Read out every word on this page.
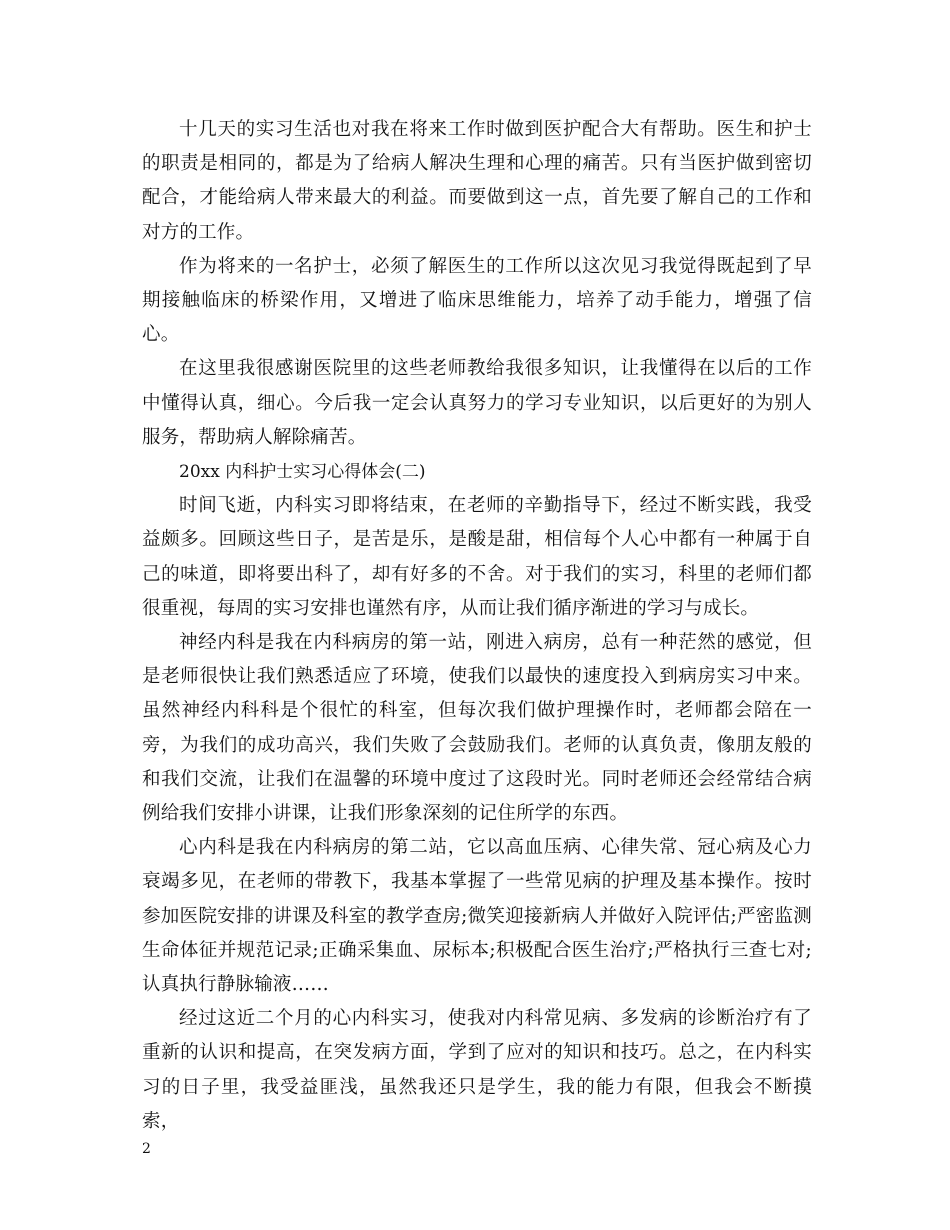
十几天的实习生活也对我在将来工作时做到医护配合大有帮助。医生和护士的职责是相同的，都是为了给病人解决生理和心理的痛苦。只有当医护做到密切配合，才能给病人带来最大的利益。而要做到这一点，首先要了解自己的工作和对方的工作。

作为将来的一名护士，必须了解医生的工作所以这次见习我觉得既起到了早期接触临床的桥梁作用，又增进了临床思维能力，培养了动手能力，增强了信心。

在这里我很感谢医院里的这些老师教给我很多知识，让我懂得在以后的工作中懂得认真，细心。今后我一定会认真努力的学习专业知识，以后更好的为别人服务，帮助病人解除痛苦。

20xx 内科护士实习心得体会(二)

时间飞逝，内科实习即将结束，在老师的辛勤指导下，经过不断实践，我受益颇多。回顾这些日子，是苦是乐，是酸是甜，相信每个人心中都有一种属于自己的味道，即将要出科了，却有好多的不舍。对于我们的实习，科里的老师们都很重视，每周的实习安排也谨然有序，从而让我们循序渐进的学习与成长。

神经内科是我在内科病房的第一站，刚进入病房，总有一种茫然的感觉，但是老师很快让我们熟悉适应了环境，使我们以最快的速度投入到病房实习中来。虽然神经内科科是个很忙的科室，但每次我们做护理操作时，老师都会陪在一旁，为我们的成功高兴，我们失败了会鼓励我们。老师的认真负责，像朋友般的和我们交流，让我们在温馨的环境中度过了这段时光。同时老师还会经常结合病例给我们安排小讲课，让我们形象深刻的记住所学的东西。

心内科是我在内科病房的第二站，它以高血压病、心律失常、冠心病及心力衰竭多见，在老师的带教下，我基本掌握了一些常见病的护理及基本操作。按时参加医院安排的讲课及科室的教学查房;微笑迎接新病人并做好入院评估;严密监测生命体征并规范记录;正确采集血、尿标本;积极配合医生治疗;严格执行三查七对;认真执行静脉输液……

经过这近二个月的心内科实习，使我对内科常见病、多发病的诊断治疗有了重新的认识和提高，在突发病方面，学到了应对的知识和技巧。总之，在内科实习的日子里，我受益匪浅，虽然我还只是学生，我的能力有限，但我会不断摸索，

2
